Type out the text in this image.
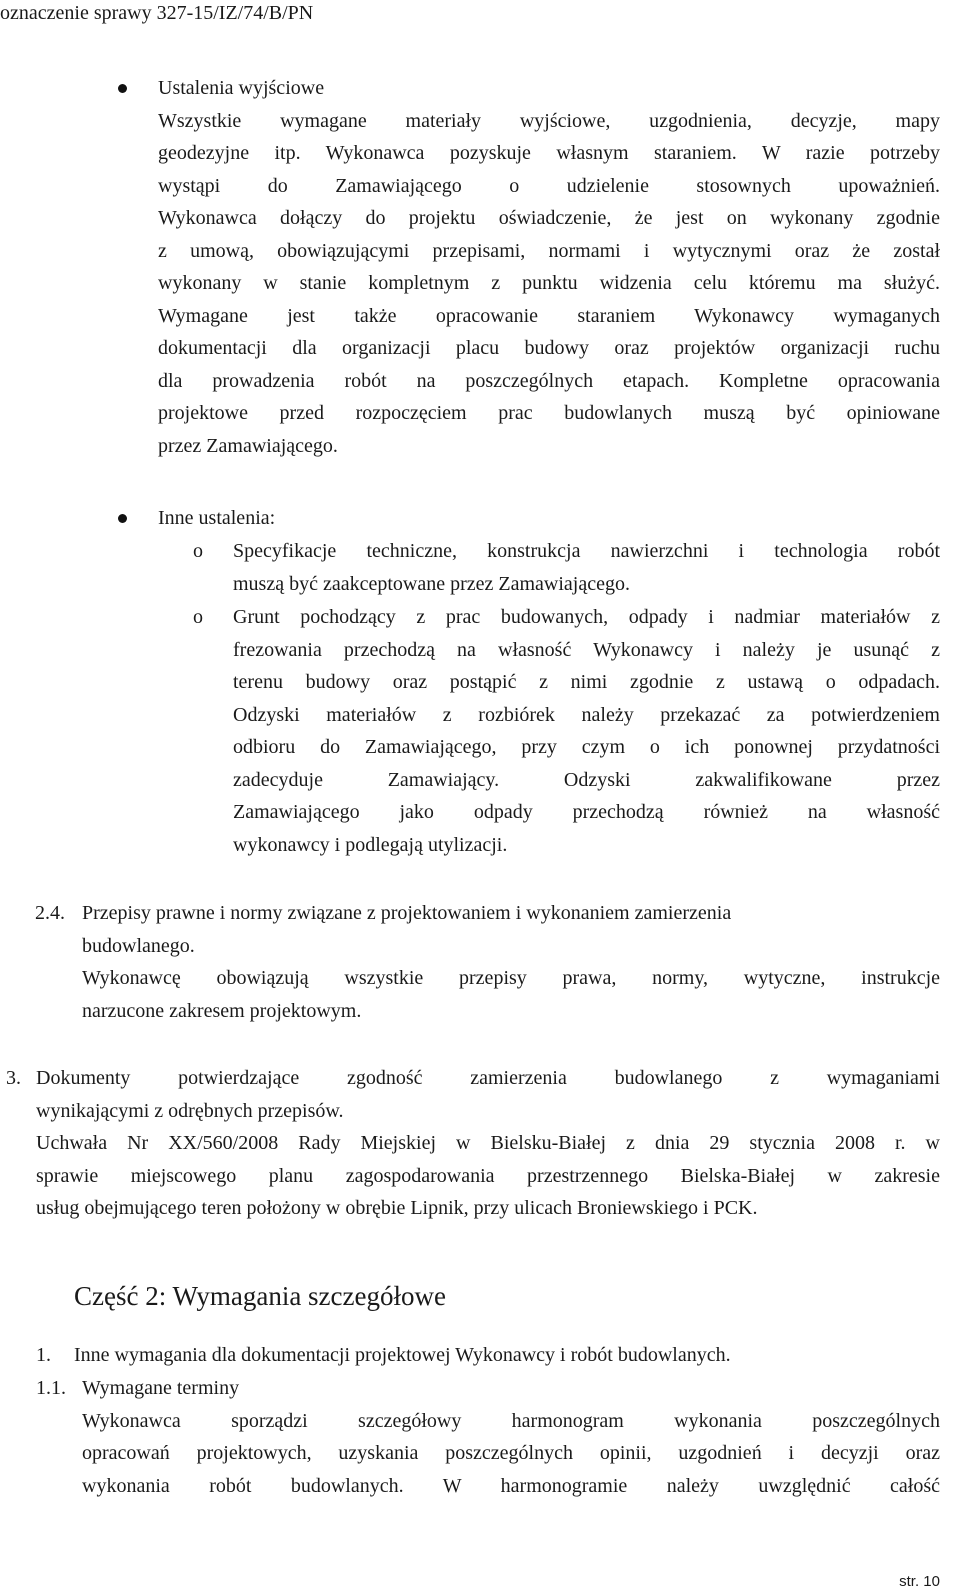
oznaczenie sprawy 327-15/IZ/74/B/PN
Ustalenia wyjściowe
Wszystkie wymagane materiały wyjściowe, uzgodnienia, decyzje, mapy
geodezyjne itp. Wykonawca pozyskuje własnym staraniem. W razie potrzeby
wystąpi do Zamawiającego o udzielenie stosownych upoważnień.
Wykonawca dołączy do projektu oświadczenie, że jest on wykonany zgodnie
z umową, obowiązującymi przepisami, normami i wytycznymi oraz że został
wykonany w stanie kompletnym z punktu widzenia celu któremu ma służyć.
Wymagane jest także opracowanie staraniem Wykonawcy wymaganych
dokumentacji dla organizacji placu budowy oraz projektów organizacji ruchu
dla prowadzenia robót na poszczególnych etapach. Kompletne opracowania
projektowe przed rozpoczęciem prac budowlanych muszą być opiniowane
przez Zamawiającego.
Inne ustalenia:
o Specyfikacje techniczne, konstrukcja nawierzchni i technologia robót
muszą być zaakceptowane przez Zamawiającego.
o Grunt pochodzący z prac budowanych, odpady i nadmiar materiałów z
frezowania przechodzą na własność Wykonawcy i należy je usunąć z
terenu budowy oraz postąpić z nimi zgodnie z ustawą o odpadach.
Odzyski materiałów z rozbiórek należy przekazać za potwierdzeniem
odbioru do Zamawiającego, przy czym o ich ponownej przydatności
zadecyduje Zamawiający. Odzyski zakwalifikowane przez
Zamawiającego jako odpady przechodzą również na własność
wykonawcy i podlegają utylizacji.
2.4. Przepisy prawne i normy związane z projektowaniem i wykonaniem zamierzenia
budowlanego.
Wykonawcę obowiązują wszystkie przepisy prawa, normy, wytyczne, instrukcje
narzucone zakresem projektowym.
3. Dokumenty potwierdzające zgodność zamierzenia budowlanego z wymaganiami
wynikającymi z odrębnych przepisów.
Uchwała Nr XX/560/2008 Rady Miejskiej w Bielsku-Białej z dnia 29 stycznia 2008 r. w
sprawie miejscowego planu zagospodarowania przestrzennego Bielska-Białej w zakresie
usług obejmującego teren położony w obrębie Lipnik, przy ulicach Broniewskiego i PCK.
Część 2: Wymagania szczegółowe
1. Inne wymagania dla dokumentacji projektowej Wykonawcy i robót budowlanych.
1.1. Wymagane terminy
Wykonawca sporządzi szczegółowy harmonogram wykonania poszczególnych
opracowań projektowych, uzyskania poszczególnych opinii, uzgodnień i decyzji oraz
wykonania robót budowlanych. W harmonogramie należy uwzględnić całość
str. 10
